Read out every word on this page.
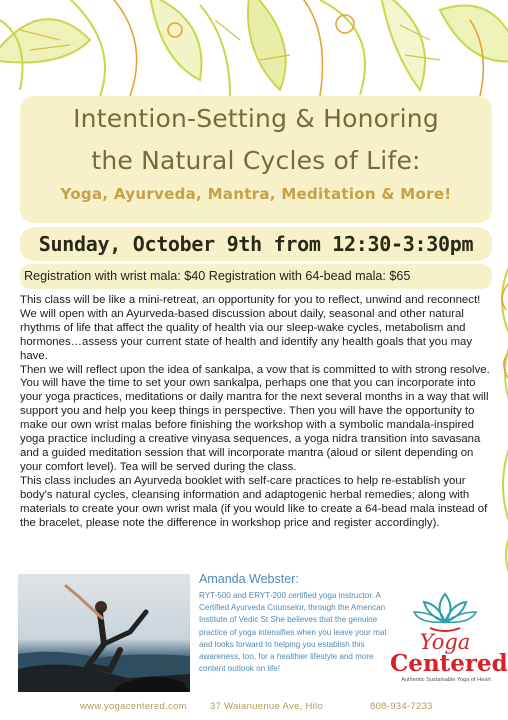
Intention-Setting & Honoring
the Natural Cycles of Life:
Yoga, Ayurveda, Mantra, Meditation & More!
Sunday, October 9th from 12:30-3:30pm
Registration with wrist mala: $40 Registration with 64-bead mala: $65

This class will be like a mini-retreat, an opportunity for you to reflect, unwind and reconnect! We will open with an Ayurveda-based discussion about daily, seasonal and other natural rhythms of life that affect the quality of health via our sleep-wake cycles, metabolism and hormones…assess your current state of health and identify any health goals that you may have.

Then we will reflect upon the idea of sankalpa, a vow that is committed to with strong resolve. You will have the time to set your own sankalpa, perhaps one that you can incorporate into your yoga practices, meditations or daily mantra for the next several months in a way that will support you and help you keep things in perspective. Then you will have the opportunity to make our own wrist malas before finishing the workshop with a symbolic mandala-inspired yoga practice including a creative vinyasa sequences, a yoga nidra transition into savasana and a guided meditation session that will incorporate mantra (aloud or silent depending on your comfort level). Tea will be served during the class.

This class includes an Ayurveda booklet with self-care practices to help re-establish your body's natural cycles, cleansing information and adaptogenic herbal remedies; along with materials to create your own wrist mala (if you would like to create a 64-bead mala instead of the bracelet, please note the difference in workshop price and register accordingly).

Amanda Webster:
RYT-500 and ERYT-200 certified yoga instructor. A Certified Ayurveda Counselor, through the American Institute of Vedic St She believes that the genuine practice of yoga intensifies when you leave your mat and looks forward to helping you establish this awareness, too, for a healthier lifestyle and more content outlook on life!
Yoga
Centered
Authentic Sustainable Yoga of Heart
www.yogacentered.com 37 Waianuenue Ave, Hilo	808-934-7233
